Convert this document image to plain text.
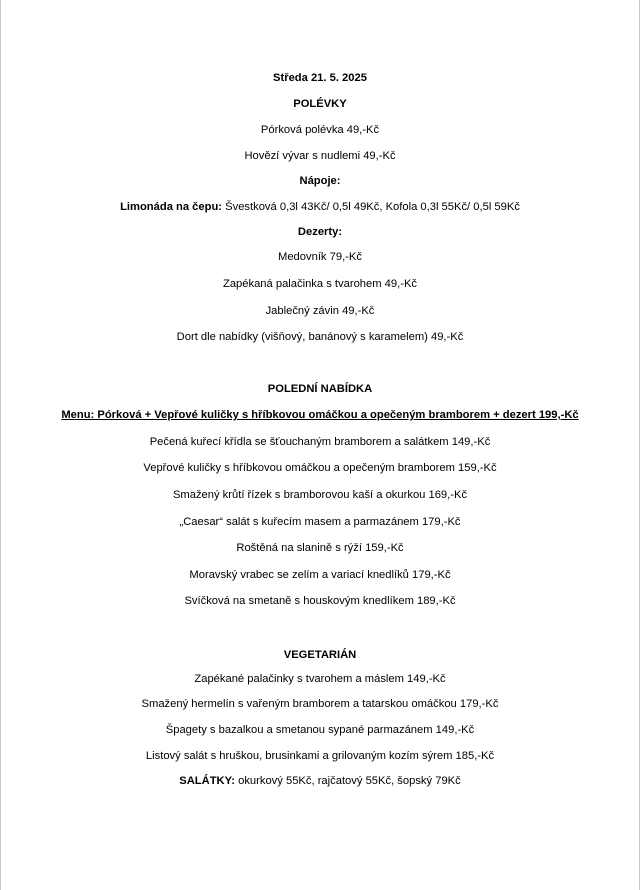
Středa 21. 5. 2025
POLÉVKY
Pórková polévka 49,-Kč
Hovězí vývar s nudlemi 49,-Kč
Nápoje:
Limonáda na čepu: Švestková 0,3l 43Kč/ 0,5l 49Kč, Kofola 0,3l 55Kč/ 0,5l 59Kč
Dezerty:
Medovník 79,-Kč
Zapékaná palačinka s tvarohem 49,-Kč
Jablečný závin 49,-Kč
Dort dle nabídky (višňový, banánový s karamelem) 49,-Kč
POLEDNÍ NABÍDKA
Menu: Pórková + Vepřové kuličky s hříbkovou omáčkou a opečeným bramborem + dezert 199,-Kč
Pečená kuřecí křídla se šťouchaným bramborem a salátkem 149,-Kč
Vepřové kuličky s hříbkovou omáčkou a opečeným bramborem 159,-Kč
Smažený krůtí řízek s bramborovou kaší a okurkou 169,-Kč
„Caesar“ salát s kuřecím masem a parmazánem 179,-Kč
Roštěná na slanině s rýží 159,-Kč
Moravský vrabec se zelím a variací knedlíků 179,-Kč
Svíčková na smetaně s houskovým knedlíkem 189,-Kč
VEGETARIÁN
Zapékané palačinky s tvarohem a máslem 149,-Kč
Smažený hermelín s vařeným bramborem a tatarskou omáčkou 179,-Kč
Špagety s bazalkou a smetanou sypané parmazánem 149,-Kč
Listový salát s hruškou, brusinkami a grilovaným kozím sýrem 185,-Kč
SALÁTKY: okurkový 55Kč, rajčatový 55Kč, šopský 79Kč
